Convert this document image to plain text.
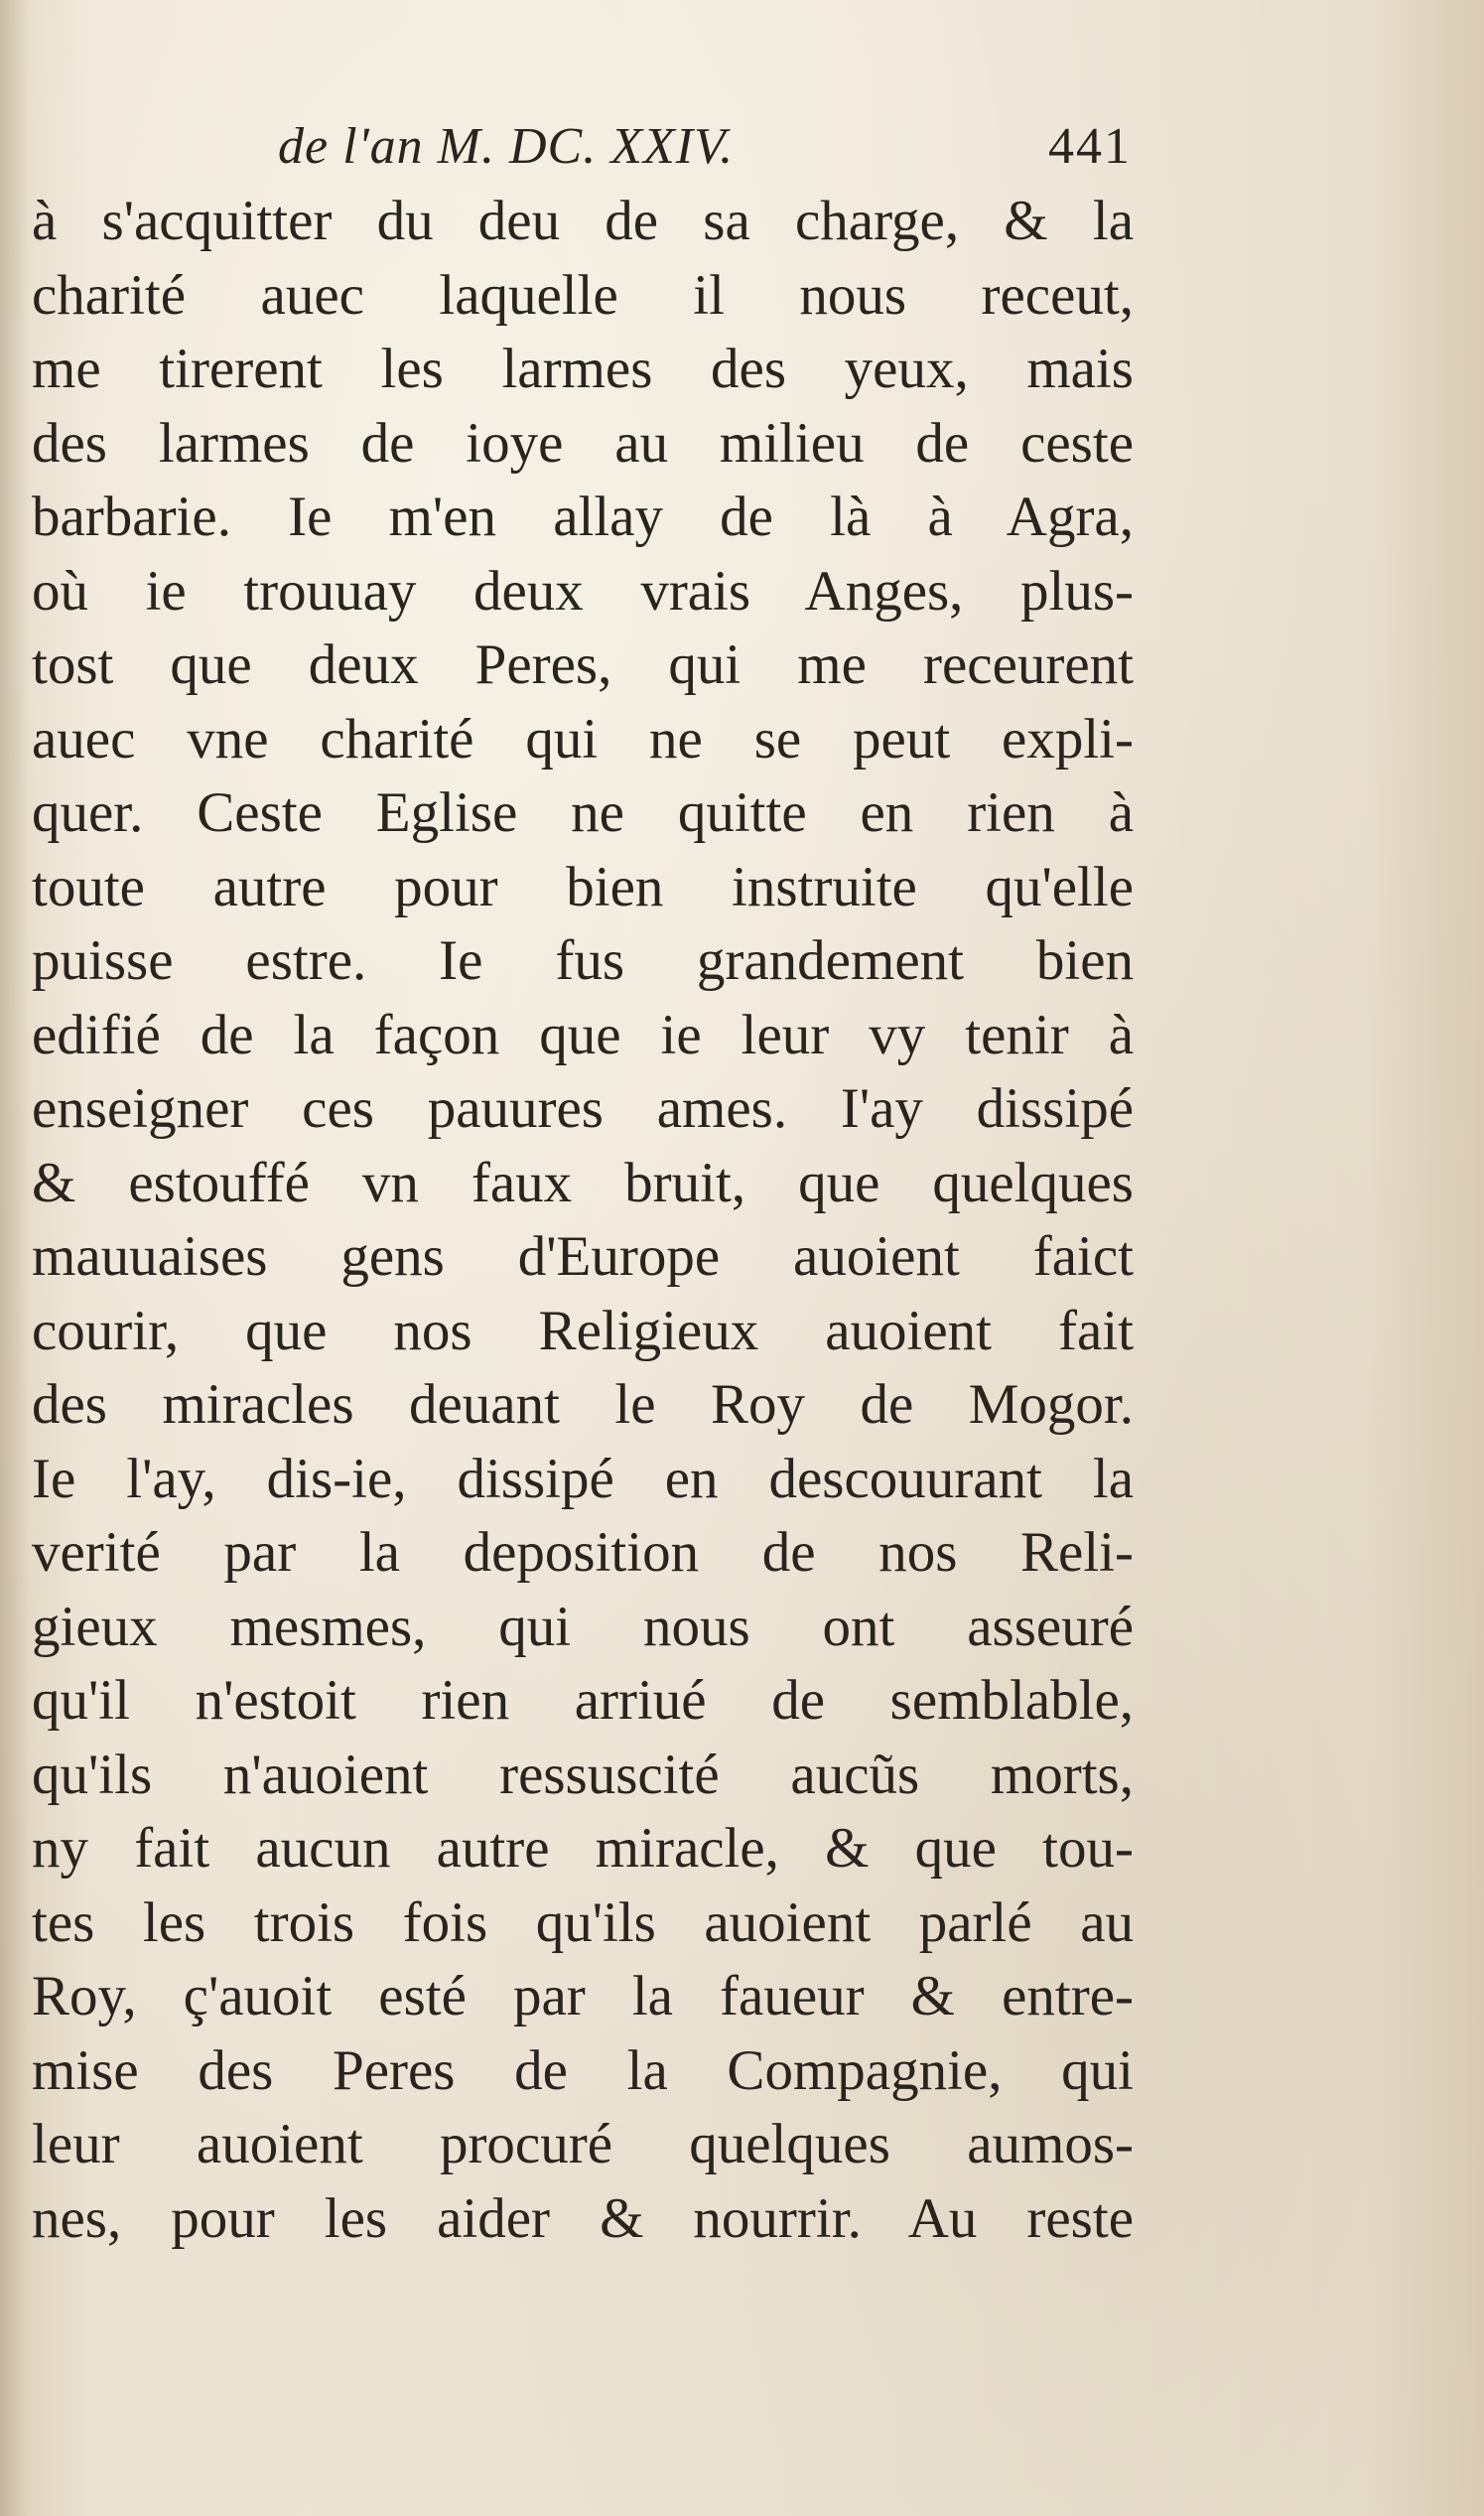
de l'an M. DC. XXIV.	441
à s'acquitter du deu de sa charge, & la
charité auec laquelle il nous receut,
me tirerent les larmes des yeux, mais
des larmes de ioye au milieu de ceste
barbarie. Ie m'en allay de là à Agra,
où ie trouuay deux vrais Anges, plus-
tost que deux Peres, qui me receurent
auec vne charité qui ne se peut expli-
quer. Ceste Eglise ne quitte en rien à
toute autre pour bien instruite qu'elle
puisse estre. Ie fus grandement bien
edifié de la façon que ie leur vy tenir à
enseigner ces pauures ames. I'ay dissipé
& estouffé vn faux bruit, que quelques
mauuaises gens d'Europe auoient faict
courir, que nos Religieux auoient fait
des miracles deuant le Roy de Mogor.
Ie l'ay, dis-ie, dissipé en descouurant la
verité par la deposition de nos Reli-
gieux mesmes, qui nous ont asseuré
qu'il n'estoit rien arriué de semblable,
qu'ils n'auoient ressuscité aucũs morts,
ny fait aucun autre miracle, & que tou-
tes les trois fois qu'ils auoient parlé au
Roy, ç'auoit esté par la faueur & entre-
mise des Peres de la Compagnie, qui
leur auoient procuré quelques aumos-
nes, pour les aider & nourrir. Au reste
